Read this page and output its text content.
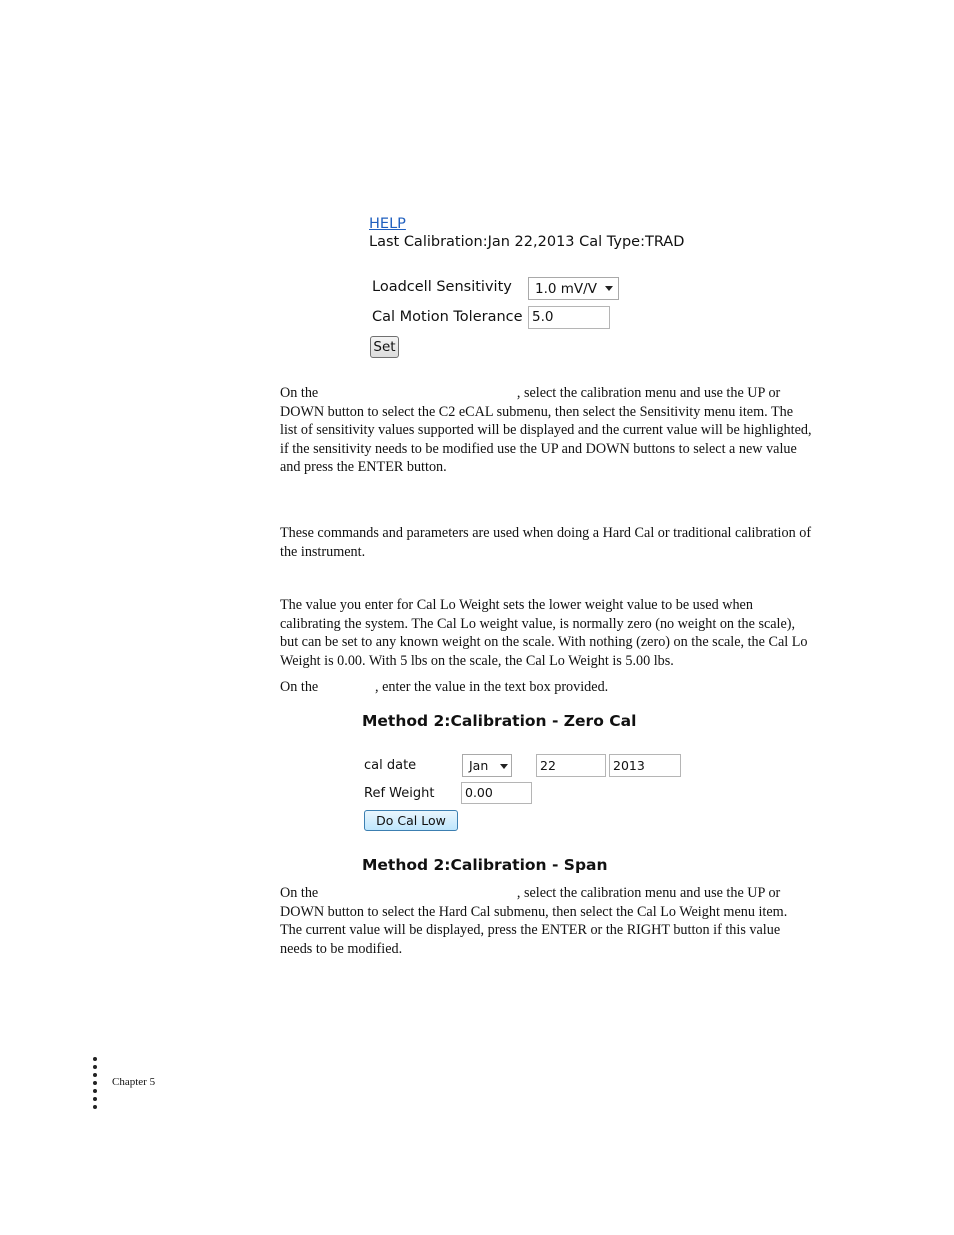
HELP
Last Calibration:Jan 22,2013 Cal Type:TRAD
Loadcell Sensitivity 1.0 mV/V
Cal Motion Tolerance 5.0
Set
On the                                                        , select the calibration menu and use the UP or DOWN button to select the C2 eCAL submenu, then select the Sensitivity menu item. The list of sensitivity values supported will be displayed and the current value will be highlighted, if the sensitivity needs to be modified use the UP and DOWN buttons to select a new value and press the ENTER button.
These commands and parameters are used when doing a Hard Cal or traditional calibration of the instrument.
The value you enter for Cal Lo Weight sets the lower weight value to be used when calibrating the system. The Cal Lo weight value, is normally zero (no weight on the scale), but can be set to any known weight on the scale. With nothing (zero) on the scale, the Cal Lo Weight is 0.00. With 5 lbs on the scale, the Cal Lo Weight is 5.00 lbs.
On the                , enter the value in the text box provided.
Method 2:Calibration - Zero Cal
cal date	Jan	22	2013
Ref Weight	0.00
Do Cal Low
Method 2:Calibration - Span
On the                                                        , select the calibration menu and use the UP or DOWN button to select the Hard Cal submenu, then select the Cal Lo Weight menu item. The current value will be displayed, press the ENTER or the RIGHT button if this value needs to be modified.
Chapter 5
